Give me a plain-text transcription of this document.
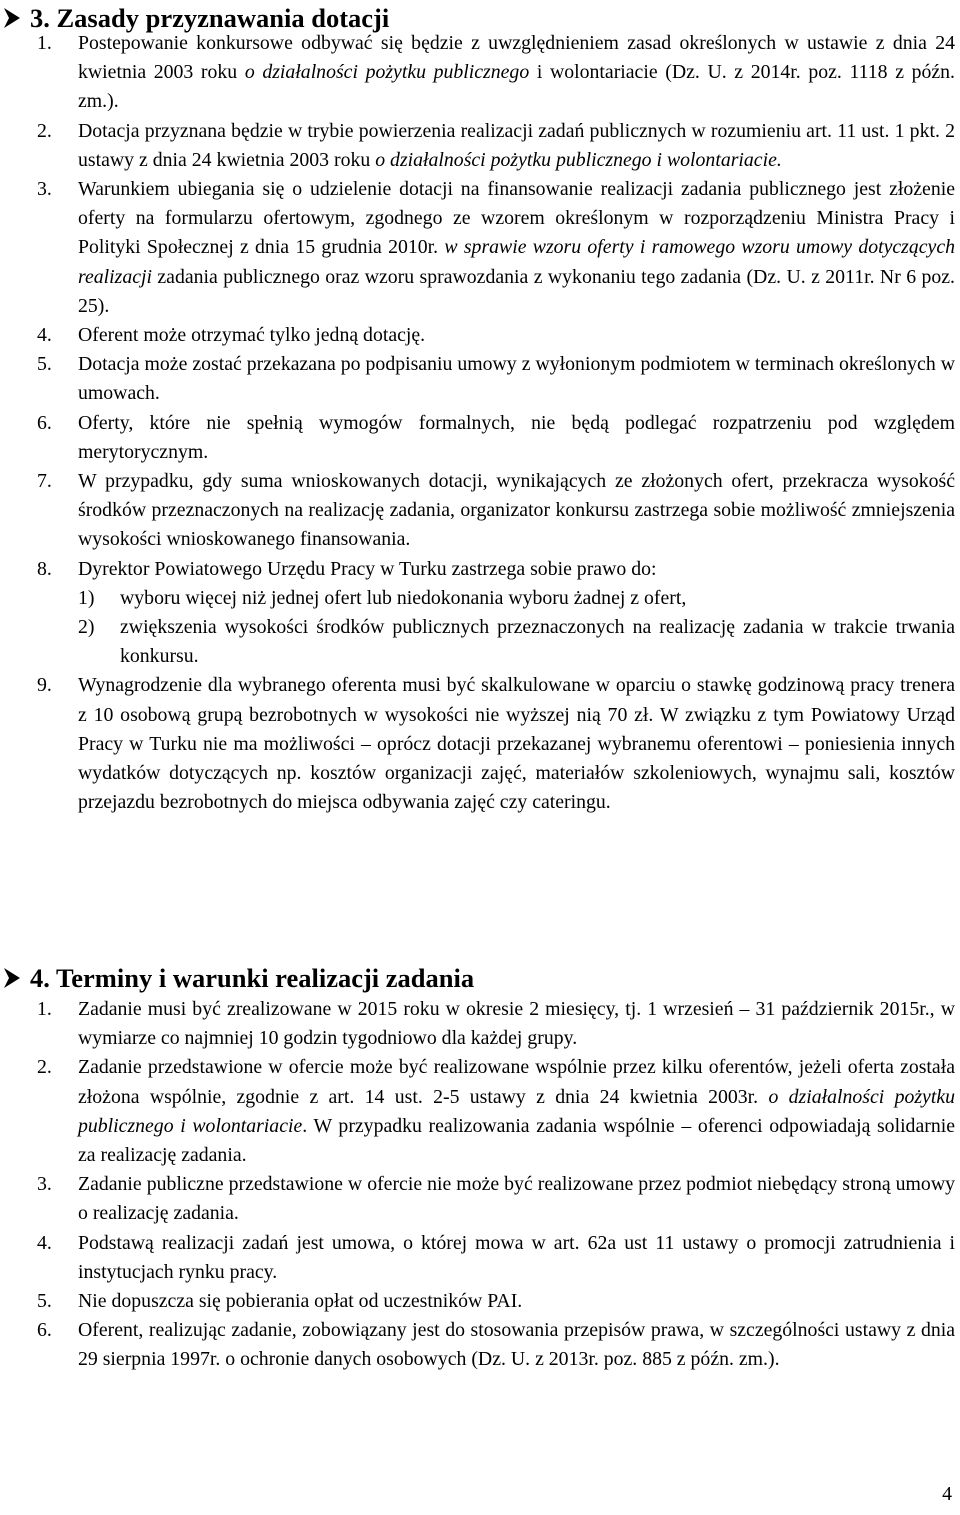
3. Zasady przyznawania dotacji
1. Postepowanie konkursowe odbywać się będzie z uwzględnieniem zasad określonych w ustawie z dnia 24 kwietnia 2003 roku o działalności pożytku publicznego i wolontariacie (Dz. U. z 2014r. poz. 1118 z późn. zm.).
2. Dotacja przyznana będzie w trybie powierzenia realizacji zadań publicznych w rozumieniu art. 11 ust. 1 pkt. 2 ustawy z dnia 24 kwietnia 2003 roku o działalności pożytku publicznego i wolontariacie.
3. Warunkiem ubiegania się o udzielenie dotacji na finansowanie realizacji zadania publicznego jest złożenie oferty na formularzu ofertowym, zgodnego ze wzorem określonym w rozporządzeniu Ministra Pracy i Polityki Społecznej z dnia 15 grudnia 2010r. w sprawie wzoru oferty i ramowego wzoru umowy dotyczących realizacji zadania publicznego oraz wzoru sprawozdania z wykonaniu tego zadania (Dz. U. z 2011r. Nr 6 poz. 25).
4. Oferent może otrzymać tylko jedną dotację.
5. Dotacja może zostać przekazana po podpisaniu umowy z wyłonionym podmiotem w terminach określonych w umowach.
6. Oferty, które nie spełnią wymogów formalnych, nie będą podlegać rozpatrzeniu pod względem merytorycznym.
7. W przypadku, gdy suma wnioskowanych dotacji, wynikających ze złożonych ofert, przekracza wysokość środków przeznaczonych na realizację zadania, organizator konkursu zastrzega sobie możliwość zmniejszenia wysokości wnioskowanego finansowania.
8. Dyrektor Powiatowego Urzędu Pracy w Turku zastrzega sobie prawo do:
1) wyboru więcej niż jednej ofert lub niedokonania wyboru żadnej z ofert,
2) zwiększenia wysokości środków publicznych przeznaczonych na realizację zadania w trakcie trwania konkursu.
9. Wynagrodzenie dla wybranego oferenta musi być skalkulowane w oparciu o stawkę godzinową pracy trenera z 10 osobową grupą bezrobotnych w wysokości nie wyższej nią 70 zł. W związku z tym Powiatowy Urząd Pracy w Turku nie ma możliwości – oprócz dotacji przekazanej wybranemu oferentowi – poniesienia innych wydatków dotyczących np. kosztów organizacji zajęć, materiałów szkoleniowych, wynajmu sali, kosztów przejazdu bezrobotnych do miejsca odbywania zajęć czy cateringu.
4. Terminy i warunki realizacji zadania
1. Zadanie musi być zrealizowane w 2015 roku w okresie 2 miesięcy, tj. 1 wrzesień – 31 październik 2015r., w wymiarze co najmniej 10 godzin tygodniowo dla każdej grupy.
2. Zadanie przedstawione w ofercie może być realizowane wspólnie przez kilku oferentów, jeżeli oferta została złożona wspólnie, zgodnie z art. 14 ust. 2-5 ustawy z dnia 24 kwietnia 2003r. o działalności pożytku publicznego i wolontariacie. W przypadku realizowania zadania wspólnie – oferenci odpowiadają solidarnie za realizację zadania.
3. Zadanie publiczne przedstawione w ofercie nie może być realizowane przez podmiot niebędący stroną umowy o realizację zadania.
4. Podstawą realizacji zadań jest umowa, o której mowa w art. 62a ust 11 ustawy o promocji zatrudnienia i instytucjach rynku pracy.
5. Nie dopuszcza się pobierania opłat od uczestników PAI.
6. Oferent, realizując zadanie, zobowiązany jest do stosowania przepisów prawa, w szczególności ustawy z dnia 29 sierpnia 1997r. o ochronie danych osobowych (Dz. U. z 2013r. poz. 885 z późn. zm.).
4
